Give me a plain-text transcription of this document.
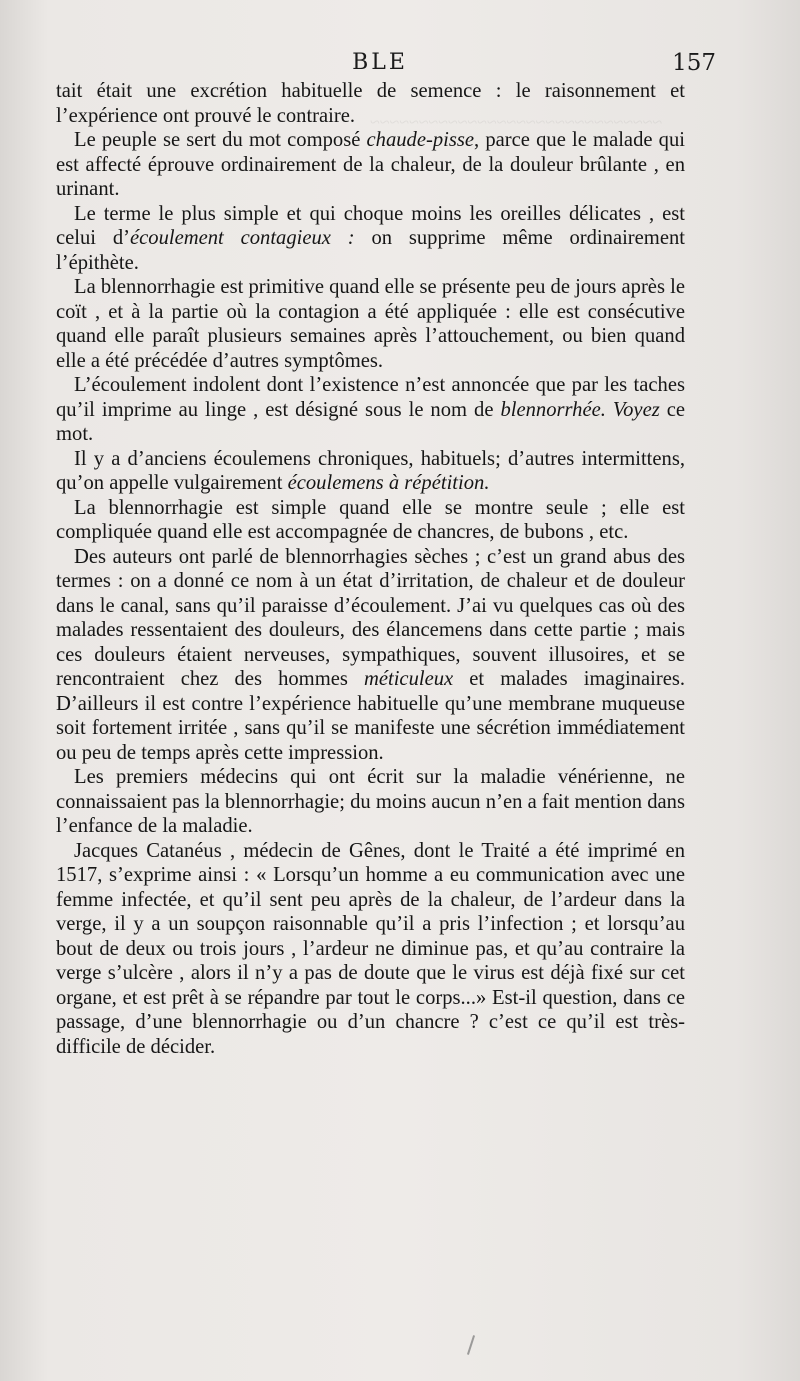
~~~~~~~~~~~~~~~~~~~~~~~~~~~~~~
BLE	157

tait était une excrétion habituelle de semence : le raisonnement et l’expérience ont prouvé le contraire.

Le peuple se sert du mot composé chaude-pisse, parce que le malade qui est affecté éprouve ordinairement de la chaleur, de la douleur brûlante , en urinant.

Le terme le plus simple et qui choque moins les oreilles délicates , est celui d’écoulement contagieux : on supprime même ordinairement l’épithète.

La blennorrhagie est primitive quand elle se présente peu de jours après le coït , et à la partie où la contagion a été appliquée : elle est consécutive quand elle paraît plusieurs semaines après l’attouchement, ou bien quand elle a été précédée d’autres symptômes.

L’écoulement indolent dont l’existence n’est annoncée que par les taches qu’il imprime au linge , est désigné sous le nom de blennorrhée. Voyez ce mot.

Il y a d’anciens écoulemens chroniques, habituels; d’autres intermittens, qu’on appelle vulgairement écoulemens à répétition.

La blennorrhagie est simple quand elle se montre seule ; elle est compliquée quand elle est accompagnée de chancres, de bubons , etc.

Des auteurs ont parlé de blennorrhagies sèches ; c’est un grand abus des termes : on a donné ce nom à un état d’irritation, de chaleur et de douleur dans le canal, sans qu’il paraisse d’écoulement. J’ai vu quelques cas où des malades ressentaient des douleurs, des élancemens dans cette partie ; mais ces douleurs étaient nerveuses, sympathiques, souvent illusoires, et se rencontraient chez des hommes méticuleux et malades imaginaires. D’ailleurs il est contre l’expérience habituelle qu’une membrane muqueuse soit fortement irritée , sans qu’il se manifeste une sécrétion immédiatement ou peu de temps après cette impression.

Les premiers médecins qui ont écrit sur la maladie vénérienne, ne connaissaient pas la blennorrhagie; du moins aucun n’en a fait mention dans l’enfance de la maladie.

Jacques Catanéus , médecin de Gênes, dont le Traité a été imprimé en 1517, s’exprime ainsi : « Lorsqu’un homme a eu communication avec une femme infectée, et qu’il sent peu après de la chaleur, de l’ardeur dans la verge, il y a un soupçon raisonnable qu’il a pris l’infection ; et lorsqu’au bout de deux ou trois jours , l’ardeur ne diminue pas, et qu’au contraire la verge s’ulcère , alors il n’y a pas de doute que le virus est déjà fixé sur cet organe, et est prêt à se répandre par tout le corps...» Est-il question, dans ce passage, d’une blennorrhagie ou d’un chancre ? c’est ce qu’il est très-difficile de décider.
